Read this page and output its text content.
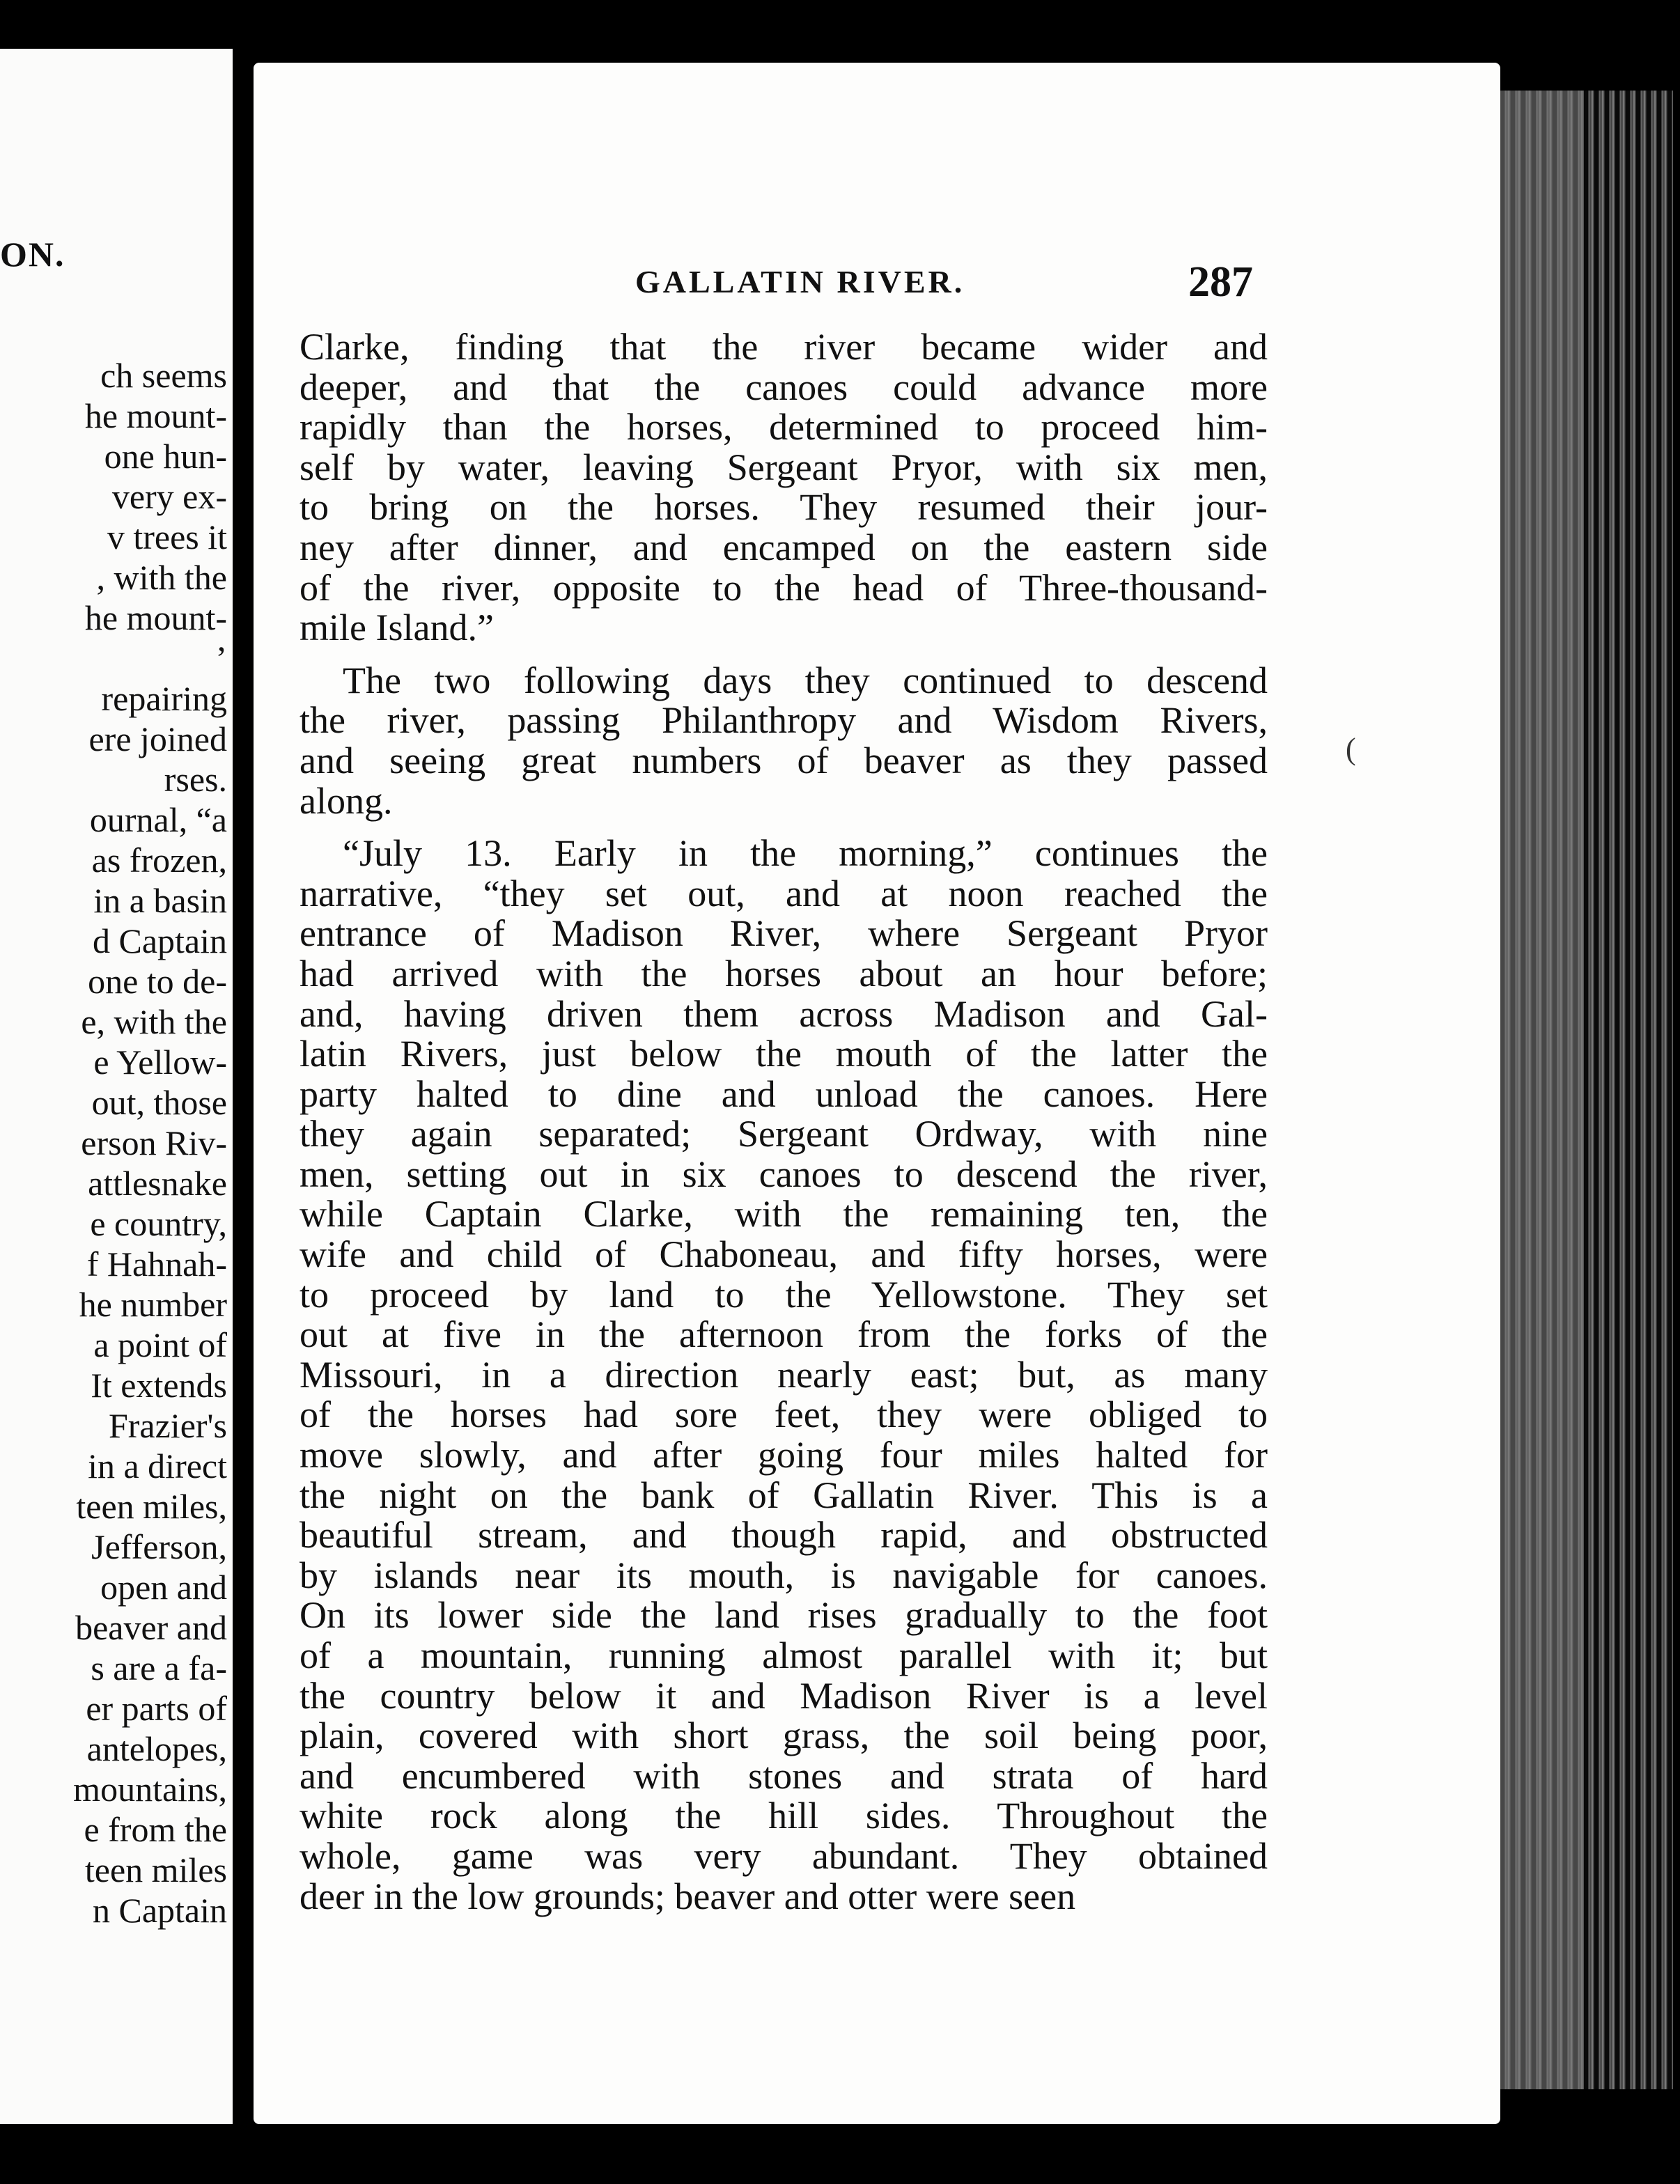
ON.
ch seems
he mount-
one hun-
very ex-
v trees it
, with the
he mount-
’
repairing
ere joined
rses.
ournal, “a
as frozen,
in a basin
d Captain
one to de-
e, with the
e Yellow-
out, those
erson Riv-
attlesnake
e country,
f Hahnah-
he number
a point of
It extends
Frazier's
in a direct
teen miles,
Jefferson,
open and
beaver and
s are a fa-
er parts of
antelopes,
mountains,
e from the
teen miles
n Captain
GALLATIN RIVER.	287
(
Clarke, finding that the river became wider and
deeper, and that the canoes could advance more
rapidly than the horses, determined to proceed him-
self by water, leaving Sergeant Pryor, with six men,
to bring on the horses. They resumed their jour-
ney after dinner, and encamped on the eastern side
of the river, opposite to the head of Three-thousand-
mile Island.”
The two following days they continued to descend
the river, passing Philanthropy and Wisdom Rivers,
and seeing great numbers of beaver as they passed
along.
“July 13. Early in the morning,” continues the
narrative, “they set out, and at noon reached the
entrance of Madison River, where Sergeant Pryor
had arrived with the horses about an hour before;
and, having driven them across Madison and Gal-
latin Rivers, just below the mouth of the latter the
party halted to dine and unload the canoes. Here
they again separated; Sergeant Ordway, with nine
men, setting out in six canoes to descend the river,
while Captain Clarke, with the remaining ten, the
wife and child of Chaboneau, and fifty horses, were
to proceed by land to the Yellowstone. They set
out at five in the afternoon from the forks of the
Missouri, in a direction nearly east; but, as many
of the horses had sore feet, they were obliged to
move slowly, and after going four miles halted for
the night on the bank of Gallatin River. This is a
beautiful stream, and though rapid, and obstructed
by islands near its mouth, is navigable for canoes.
On its lower side the land rises gradually to the foot
of a mountain, running almost parallel with it; but
the country below it and Madison River is a level
plain, covered with short grass, the soil being poor,
and encumbered with stones and strata of hard
white rock along the hill sides. Throughout the
whole, game was very abundant. They obtained
deer in the low grounds; beaver and otter were seen
